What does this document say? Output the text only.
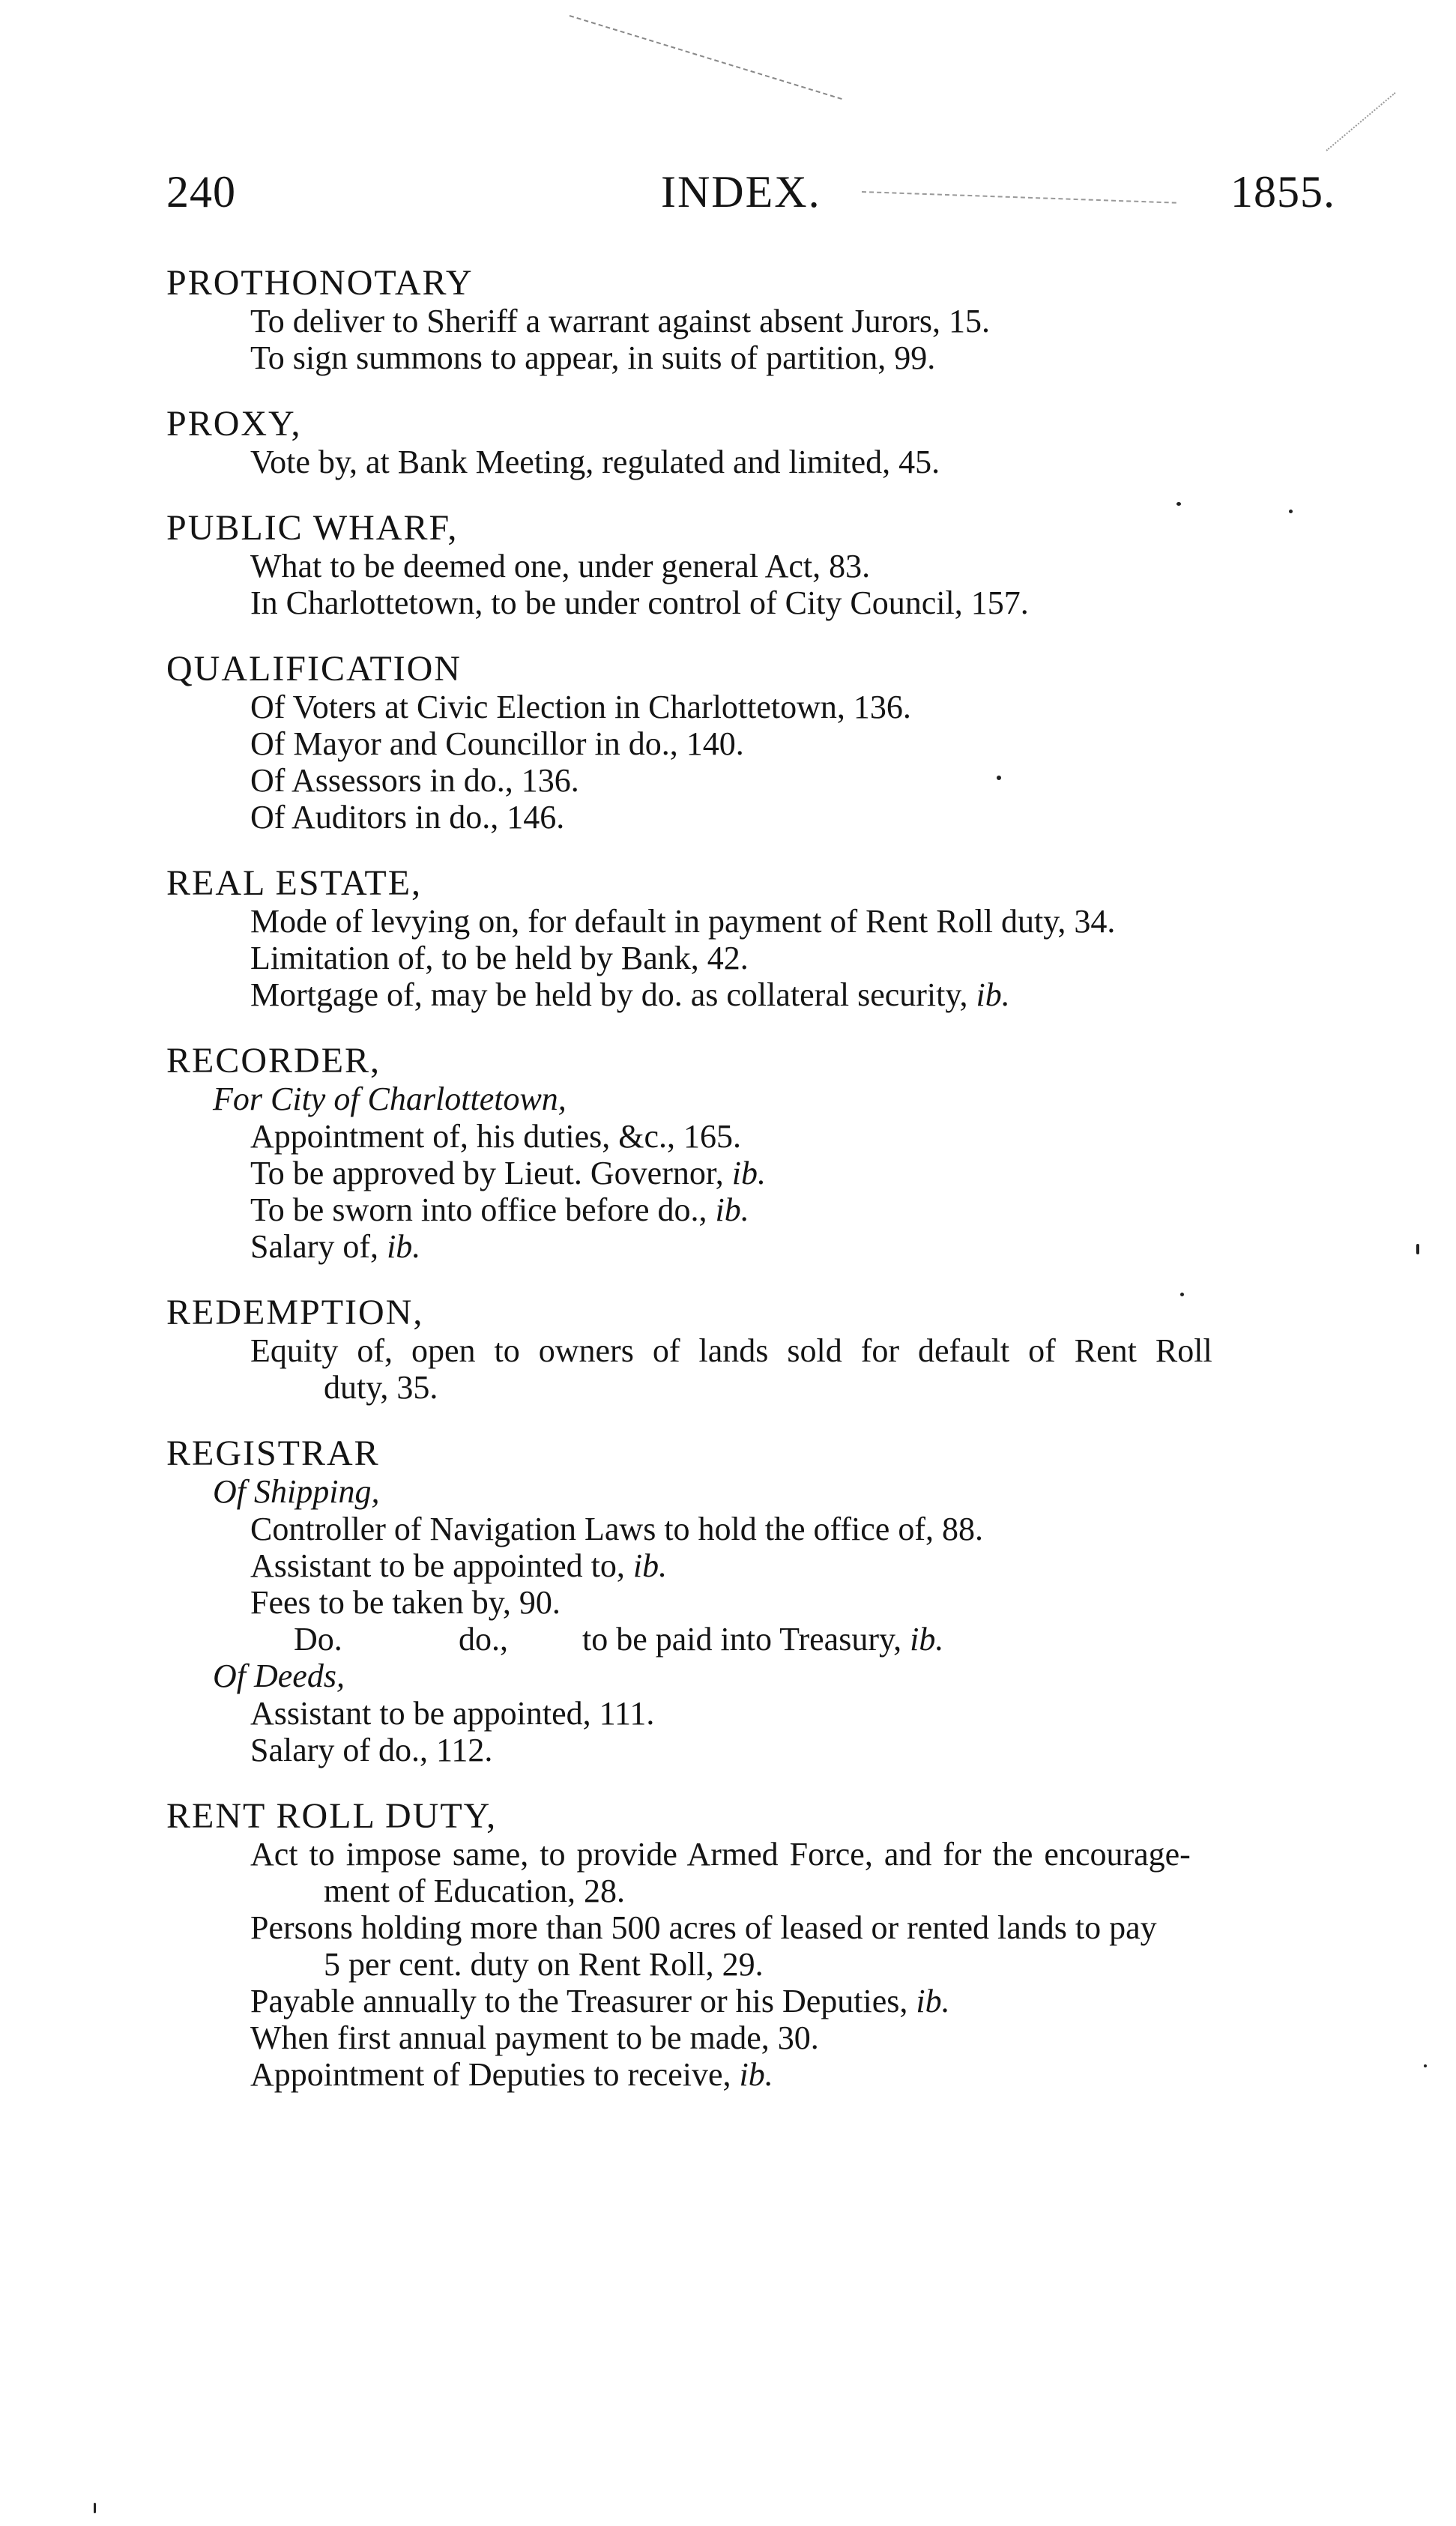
240	INDEX.	1855.
PROTHONOTARY
To deliver to Sheriff a warrant against absent Jurors, 15.
To sign summons to appear, in suits of partition, 99.
PROXY,
Vote by, at Bank Meeting, regulated and limited, 45.
PUBLIC WHARF,
What to be deemed one, under general Act, 83.
In Charlottetown, to be under control of City Council, 157.
QUALIFICATION
Of Voters at Civic Election in Charlottetown, 136.
Of Mayor and Councillor in do., 140.
Of Assessors in do., 136.
Of Auditors in do., 146.
REAL ESTATE,
Mode of levying on, for default in payment of Rent Roll duty, 34.
Limitation of, to be held by Bank, 42.
Mortgage of, may be held by do. as collateral security, ib.
RECORDER,
For City of Charlottetown,
Appointment of, his duties, &c., 165.
To be approved by Lieut. Governor, ib.
To be sworn into office before do., ib.
Salary of, ib.
REDEMPTION,
Equity of, open to owners of lands sold for default of Rent Roll
duty, 35.
REGISTRAR
Of Shipping,
Controller of Navigation Laws to hold the office of, 88.
Assistant to be appointed to, ib.
Fees to be taken by, 90.
Do.	do., to be paid into Treasury, ib.
Of Deeds,
Assistant to be appointed, 111.
Salary of do., 112.
RENT ROLL DUTY,
Act to impose same, to provide Armed Force, and for the encourage-
ment of Education, 28.
Persons holding more than 500 acres of leased or rented lands to pay
5 per cent. duty on Rent Roll, 29.
Payable annually to the Treasurer or his Deputies, ib.
When first annual payment to be made, 30.
Appointment of Deputies to receive, ib.
